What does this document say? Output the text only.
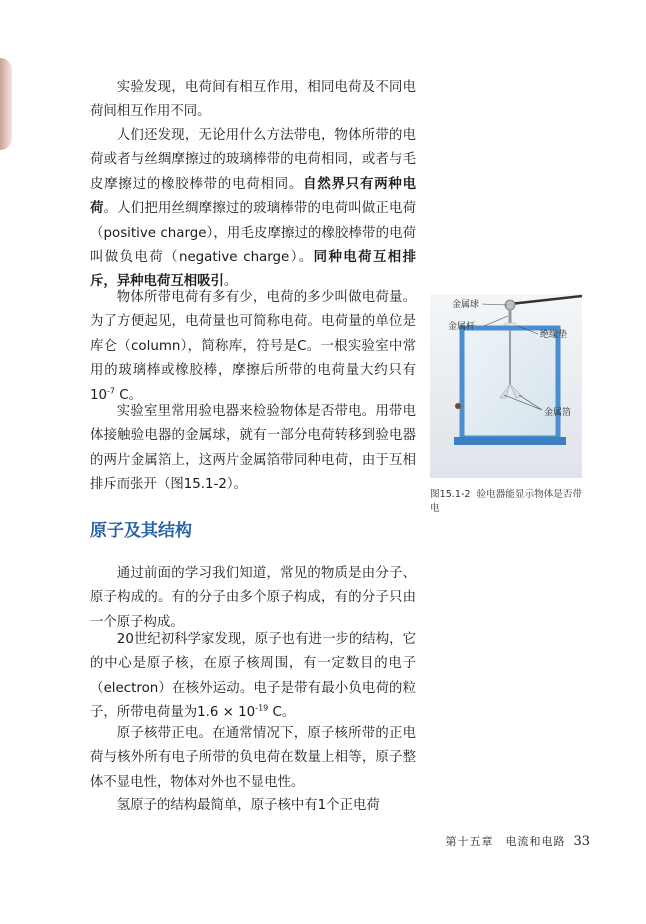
实验发现，电荷间有相互作用，相同电荷及不同电荷间相互作用不同。

人们还发现，无论用什么方法带电，物体所带的电荷或者与丝绸摩擦过的玻璃棒带的电荷相同，或者与毛皮摩擦过的橡胶棒带的电荷相同。自然界只有两种电荷。人们把用丝绸摩擦过的玻璃棒带的电荷叫做正电荷（positive charge），用毛皮摩擦过的橡胶棒带的电荷叫做负电荷（negative charge）。同种电荷互相排斥，异种电荷互相吸引。

物体所带电荷有多有少，电荷的多少叫做电荷量。为了方便起见，电荷量也可简称电荷。电荷量的单位是库仑（column），简称库，符号是C。一根实验室中常用的玻璃棒或橡胶棒，摩擦后所带的电荷量大约只有$10^{-7}$ C。

实验室里常用验电器来检验物体是否带电。用带电体接触验电器的金属球，就有一部分电荷转移到验电器的两片金属箔上，这两片金属箔带同种电荷，由于互相排斥而张开（图15.1-2）。

原子及其结构

通过前面的学习我们知道，常见的物质是由分子、原子构成的。有的分子由多个原子构成，有的分子只由一个原子构成。

20世纪初科学家发现，原子也有进一步的结构，它的中心是原子核，在原子核周围，有一定数目的电子（electron）在核外运动。电子是带有最小负电荷的粒子，所带电荷量为$1.6 \times 10^{-19}$ C。

原子核带正电。在通常情况下，原子核所带的正电荷与核外所有电子所带的负电荷在数量上相等，原子整体不显电性，物体对外也不显电性。

氢原子的结构最简单，原子核中有1个正电荷

金属球
金属杆
绝缘垫
金属箔
图15.1-2 验电器能显示物体是否带电
第十五章　电流和电路 33
